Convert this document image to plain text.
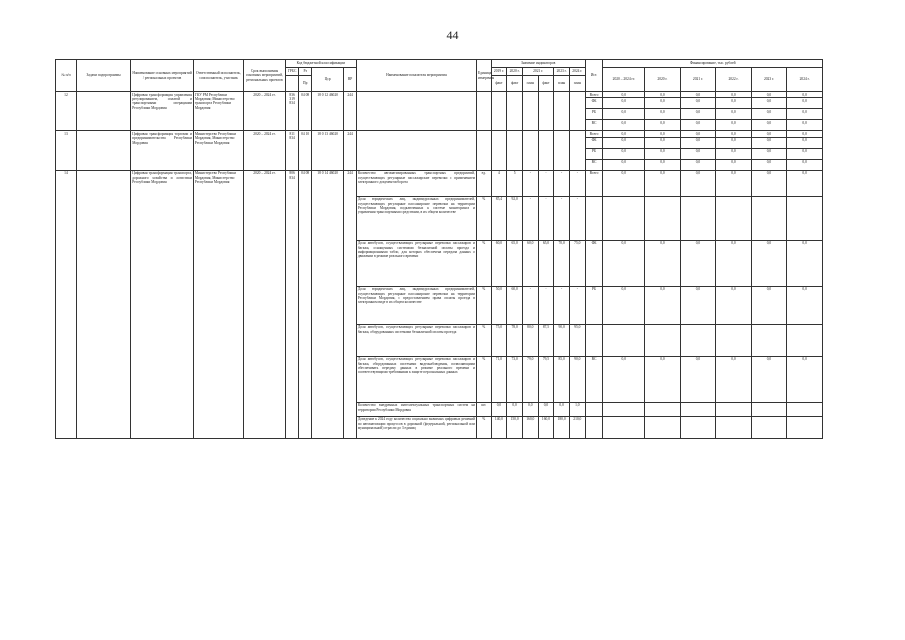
44
№ п/п	Задачи подпрограммы	Наименование основных мероприятий / региональных проектов	Ответственный исполнитель, соисполнитель, участник	Срок выполнения основных мероприятий, региональных проектов	Код бюджетной классификации				Наименование показателя мероприятия	Единица измерения	Значение индикаторов						Ист.	Финансирование, тыс. рублей					
					ГРБС	Рз	Цср	ВР			2019 г.	2020 г.	2021 г.		2023 г.	2024 г.		2020 – 2024 гг.	2020 г.	2021 г.	2022 г.	2023 г.	2024 г.
						Пр					факт	факт	план	факт	план	план							

12		Цифровая трансформация управления регулированием, оплатой и транспортными операциями Республики Мордовия	ГКУ РМ Республики Мордовия; Министерство транспорта Республики Мордовия	2020 – 2024 гг.	836 319 834	04 08	18 0 12 46020	244									Всего	0,0	0,0	0,0	0,0	0,0	0,0
																	ФБ	0,0	0,0	0,0	0,0	0,0	0,0
																	РБ	0,0	0,0	0,0	0,0	0,0	0,0
																	ВС	0,0	0,0	0,0	0,0	0,0	0,0
13		Цифровая трансформация торговли и предпринимательства Республики Мордовия	Министерство Республики Мордовия, Министерство Республики Мордовия	2020 – 2024 гг.	811 834	04 10	18 0 13 46020	244									Всего	0,0	0,0	0,0	0,0	0,0	0,0
																	ФБ	0,0	0,0	0,0	0,0	0,0	0,0
																	РБ	0,0	0,0	0,0	0,0	0,0	0,0
																	ВС	0,0	0,0	0,0	0,0	0,0	0,0
14		Цифровая трансформация транспорта, дорожного хозяйства и логистики Республики Мордовия	Министерство Республики Мордовия, Министерство Республики Мордовия	2020 – 2024 гг.	806 834	04 08	18 0 14 46020	244	Количество автоматизированных транспортных предприятий, осуществляющих регулярные пассажирские перевозки с применением электронного документооборота	ед.	4	5	-	-	-	-	Всего	0,0	0,0	0,0	0,0	0,0	0,0
									Доля юридических лиц, индивидуальных предпринимателей, осуществляющих регулярные пассажирские перевозки на территории Республики Мордовия, подключенных к системе мониторинга и управления транспортными средствами, в их общем количестве	%	85,4	92,0	-	-	-	-							
									Доля автобусов, осуществляющих регулярные перевозки пассажиров и багажа, оснащенных системами безналичной оплаты проезда и информационными табло, для которых обеспечена передача данных о движении в режиме реального времени	%	60,0	65,0	60,0	65,0	70,0	75,0	ФБ	0,0	0,0	0,0	0,0	0,0	0,0
									Доля юридических лиц, индивидуальных предпринимателей, осуществляющих регулярные пассажирские перевозки на территории Республики Мордовия, с предоставлением права оплаты проезда в электронном виде в их общем количестве	%	50,0	60,0	-	-	-	-	РБ	0,0	0,0	0,0	0,0	0,0	0,0
									Доля автобусов, осуществляющих регулярные перевозки пассажиров и багажа, оборудованных системами безналичной оплаты проезда	%	75,0	78,0	80,0	87,5	90,0	95,0							
									Доля автобусов, осуществляющих регулярные перевозки пассажиров и багажа, оборудованных системами видеонаблюдения, позволяющими обеспечивать передачу данных в режиме реального времени и соответствующими требованиям к защите персональных данных	%	71,0	73,0	79,0	79,5	85,0	90,0	ВС	0,0	0,0	0,0	0,0	0,0	0,0
									Количество внедренных интеллектуальных транспортных систем на территории Республики Мордовия	шт.	0,0	0,0	0,0	0,0	0,0	1,0							
									Доведение к 2024 году количества социально значимых цифровых решений по автоматизации процессов в дорожной (федеральной, региональной или муниципальной) отрасли до 3 единиц	%	140,0	150,0	160,0	160,0	180,0	210,0							
